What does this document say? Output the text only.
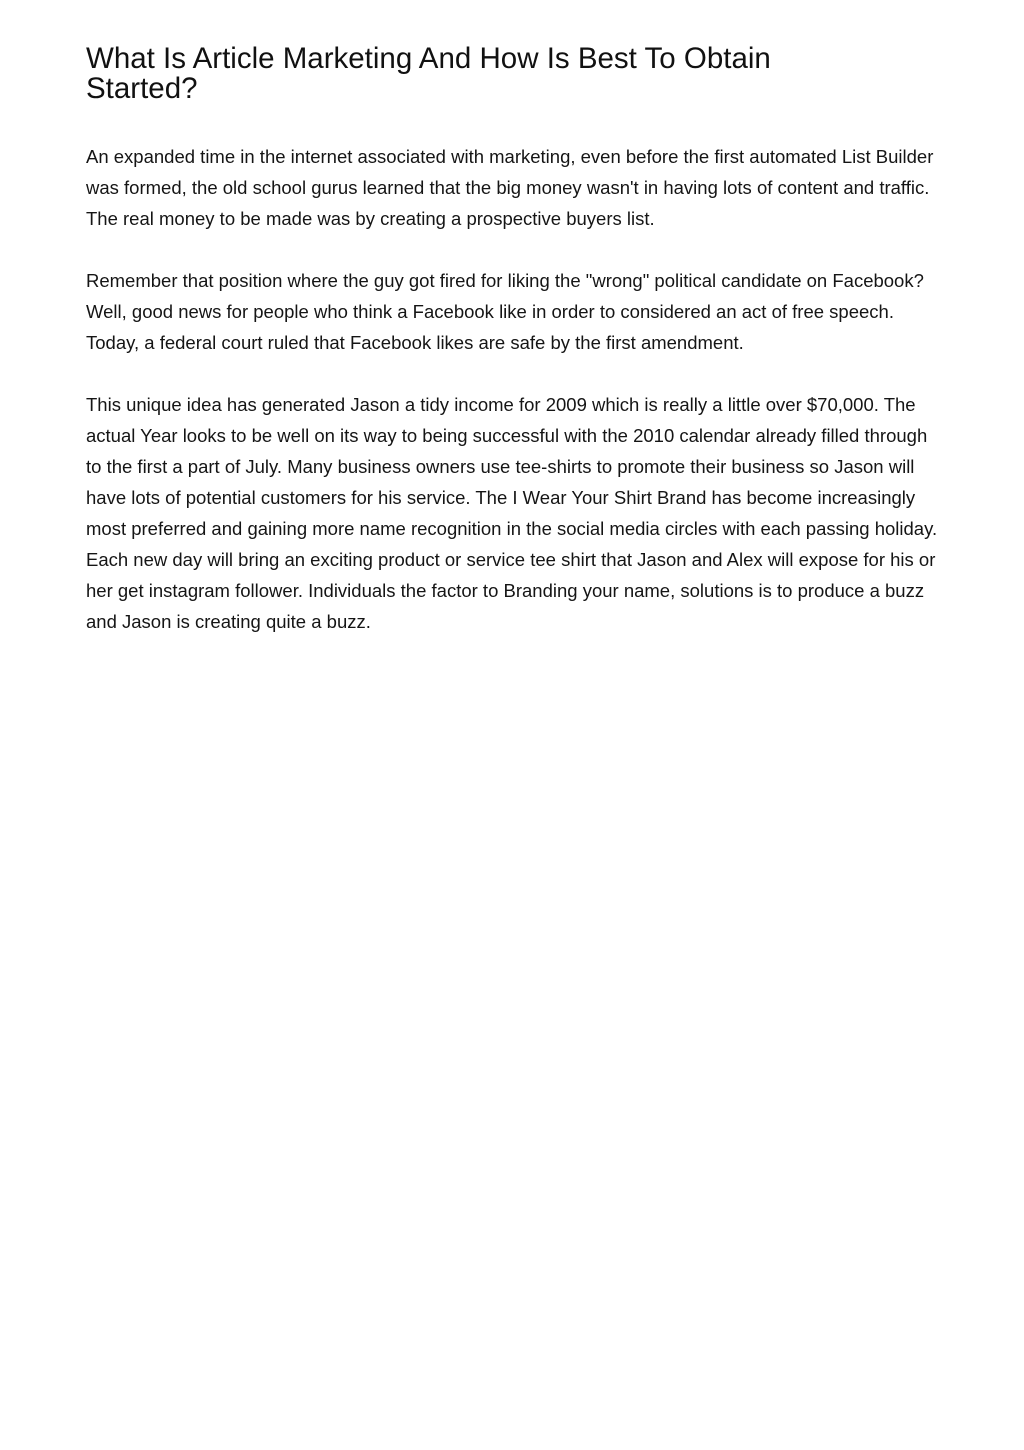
What Is Article Marketing And How Is Best To Obtain Started?

An expanded time in the internet associated with marketing, even before the first automated List Builder was formed, the old school gurus learned that the big money wasn't in having lots of content and traffic. The real money to be made was by creating a prospective buyers list.

Remember that position where the guy got fired for liking the "wrong" political candidate on Facebook? Well, good news for people who think a Facebook like in order to considered an act of free speech. Today, a federal court ruled that Facebook likes are safe by the first amendment.

This unique idea has generated Jason a tidy income for 2009 which is really a little over $70,000. The actual Year looks to be well on its way to being successful with the 2010 calendar already filled through to the first a part of July. Many business owners use tee-shirts to promote their business so Jason will have lots of potential customers for his service. The I Wear Your Shirt Brand has become increasingly most preferred and gaining more name recognition in the social media circles with each passing holiday. Each new day will bring an exciting product or service tee shirt that Jason and Alex will expose for his or her get instagram follower. Individuals the factor to Branding your name, solutions is to produce a buzz and Jason is creating quite a buzz.
